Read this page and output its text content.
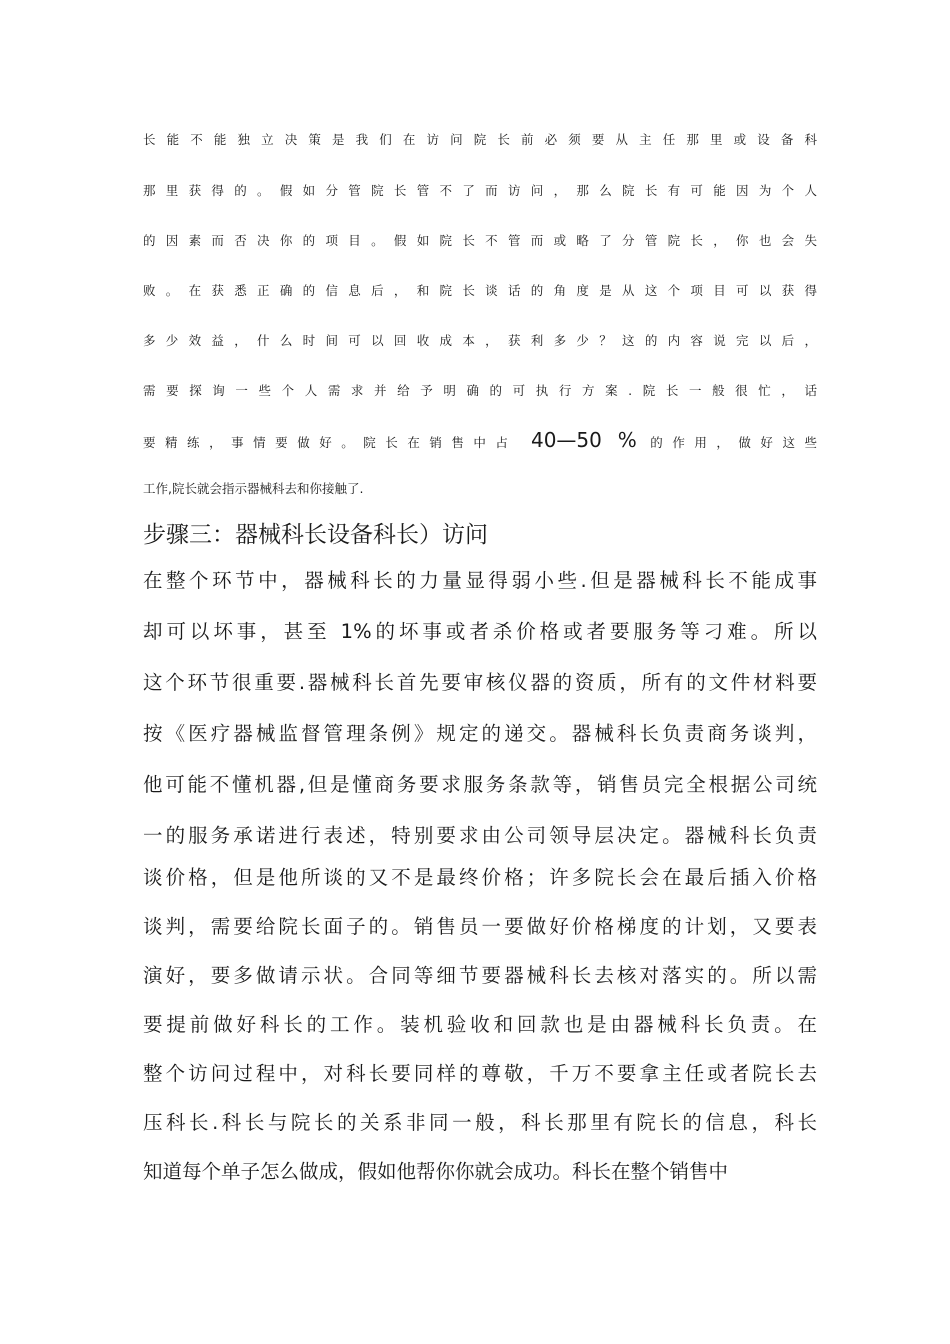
长能不能独立决策是我们在访问院长前必须要从主任那里或设备科
那里获得的。假如分管院长管不了而访问，那么院长有可能因为个人
的因素而否决你的项目。假如院长不管而或略了分管院长，你也会失
败。在获悉正确的信息后，和院长谈话的角度是从这个项目可以获得
多少效益，什么时间可以回收成本，获利多少？这的内容说完以后，
需要探询一些个人需求并给予明确的可执行方案.院长一般很忙，话
要精练，事情要做好。院长在销售中占 40—50 % 的作用，做好这些
工作,院长就会指示器械科去和你接触了.
步骤三：器械科长设备科长）访问
在整个环节中，器械科长的力量显得弱小些.但是器械科长不能成事
却可以坏事，甚至 1%的坏事或者杀价格或者要服务等刁难。所以
这个环节很重要.器械科长首先要审核仪器的资质，所有的文件材料要
按《医疗器械监督管理条例》规定的递交。器械科长负责商务谈判，
他可能不懂机器,但是懂商务要求服务条款等，销售员完全根据公司统
一的服务承诺进行表述，特别要求由公司领导层决定。器械科长负责
谈价格，但是他所谈的又不是最终价格；许多院长会在最后插入价格
谈判，需要给院长面子的。销售员一要做好价格梯度的计划，又要表
演好，要多做请示状。合同等细节要器械科长去核对落实的。所以需
要提前做好科长的工作。装机验收和回款也是由器械科长负责。在
整个访问过程中，对科长要同样的尊敬，千万不要拿主任或者院长去
压科长.科长与院长的关系非同一般，科长那里有院长的信息，科长
知道每个单子怎么做成，假如他帮你你就会成功。科长在整个销售中
